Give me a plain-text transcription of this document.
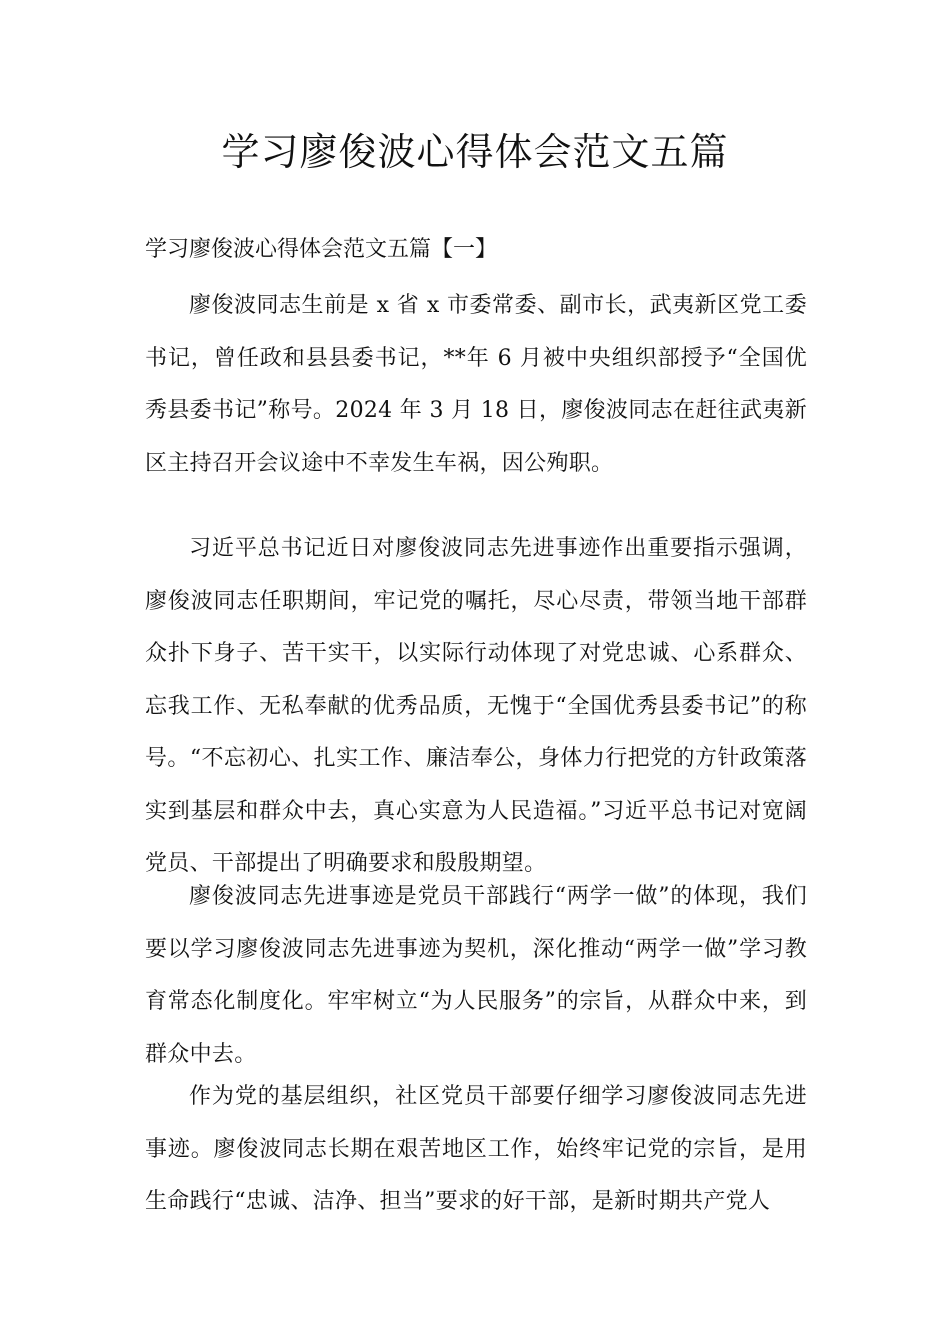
学习廖俊波心得体会范文五篇

学习廖俊波心得体会范文五篇【一】

廖俊波同志生前是 x 省 x 市委常委、副市长，武夷新区党工委书记，曾任政和县县委书记，**年 6 月被中央组织部授予“全国优秀县委书记”称号。2024 年 3 月 18 日，廖俊波同志在赶往武夷新区主持召开会议途中不幸发生车祸，因公殉职。

习近平总书记近日对廖俊波同志先进事迹作出重要指示强调，廖俊波同志任职期间，牢记党的嘱托，尽心尽责，带领当地干部群众扑下身子、苦干实干，以实际行动体现了对党忠诚、心系群众、忘我工作、无私奉献的优秀品质，无愧于“全国优秀县委书记”的称号。“不忘初心、扎实工作、廉洁奉公，身体力行把党的方针政策落实到基层和群众中去，真心实意为人民造福。”习近平总书记对宽阔党员、干部提出了明确要求和殷殷期望。

廖俊波同志先进事迹是党员干部践行“两学一做”的体现，我们要以学习廖俊波同志先进事迹为契机，深化推动“两学一做”学习教育常态化制度化。牢牢树立“为人民服务”的宗旨，从群众中来，到群众中去。

作为党的基层组织，社区党员干部要仔细学习廖俊波同志先进事迹。廖俊波同志长期在艰苦地区工作，始终牢记党的宗旨，是用生命践行“忠诚、洁净、担当”要求的好干部，是新时期共产党人
